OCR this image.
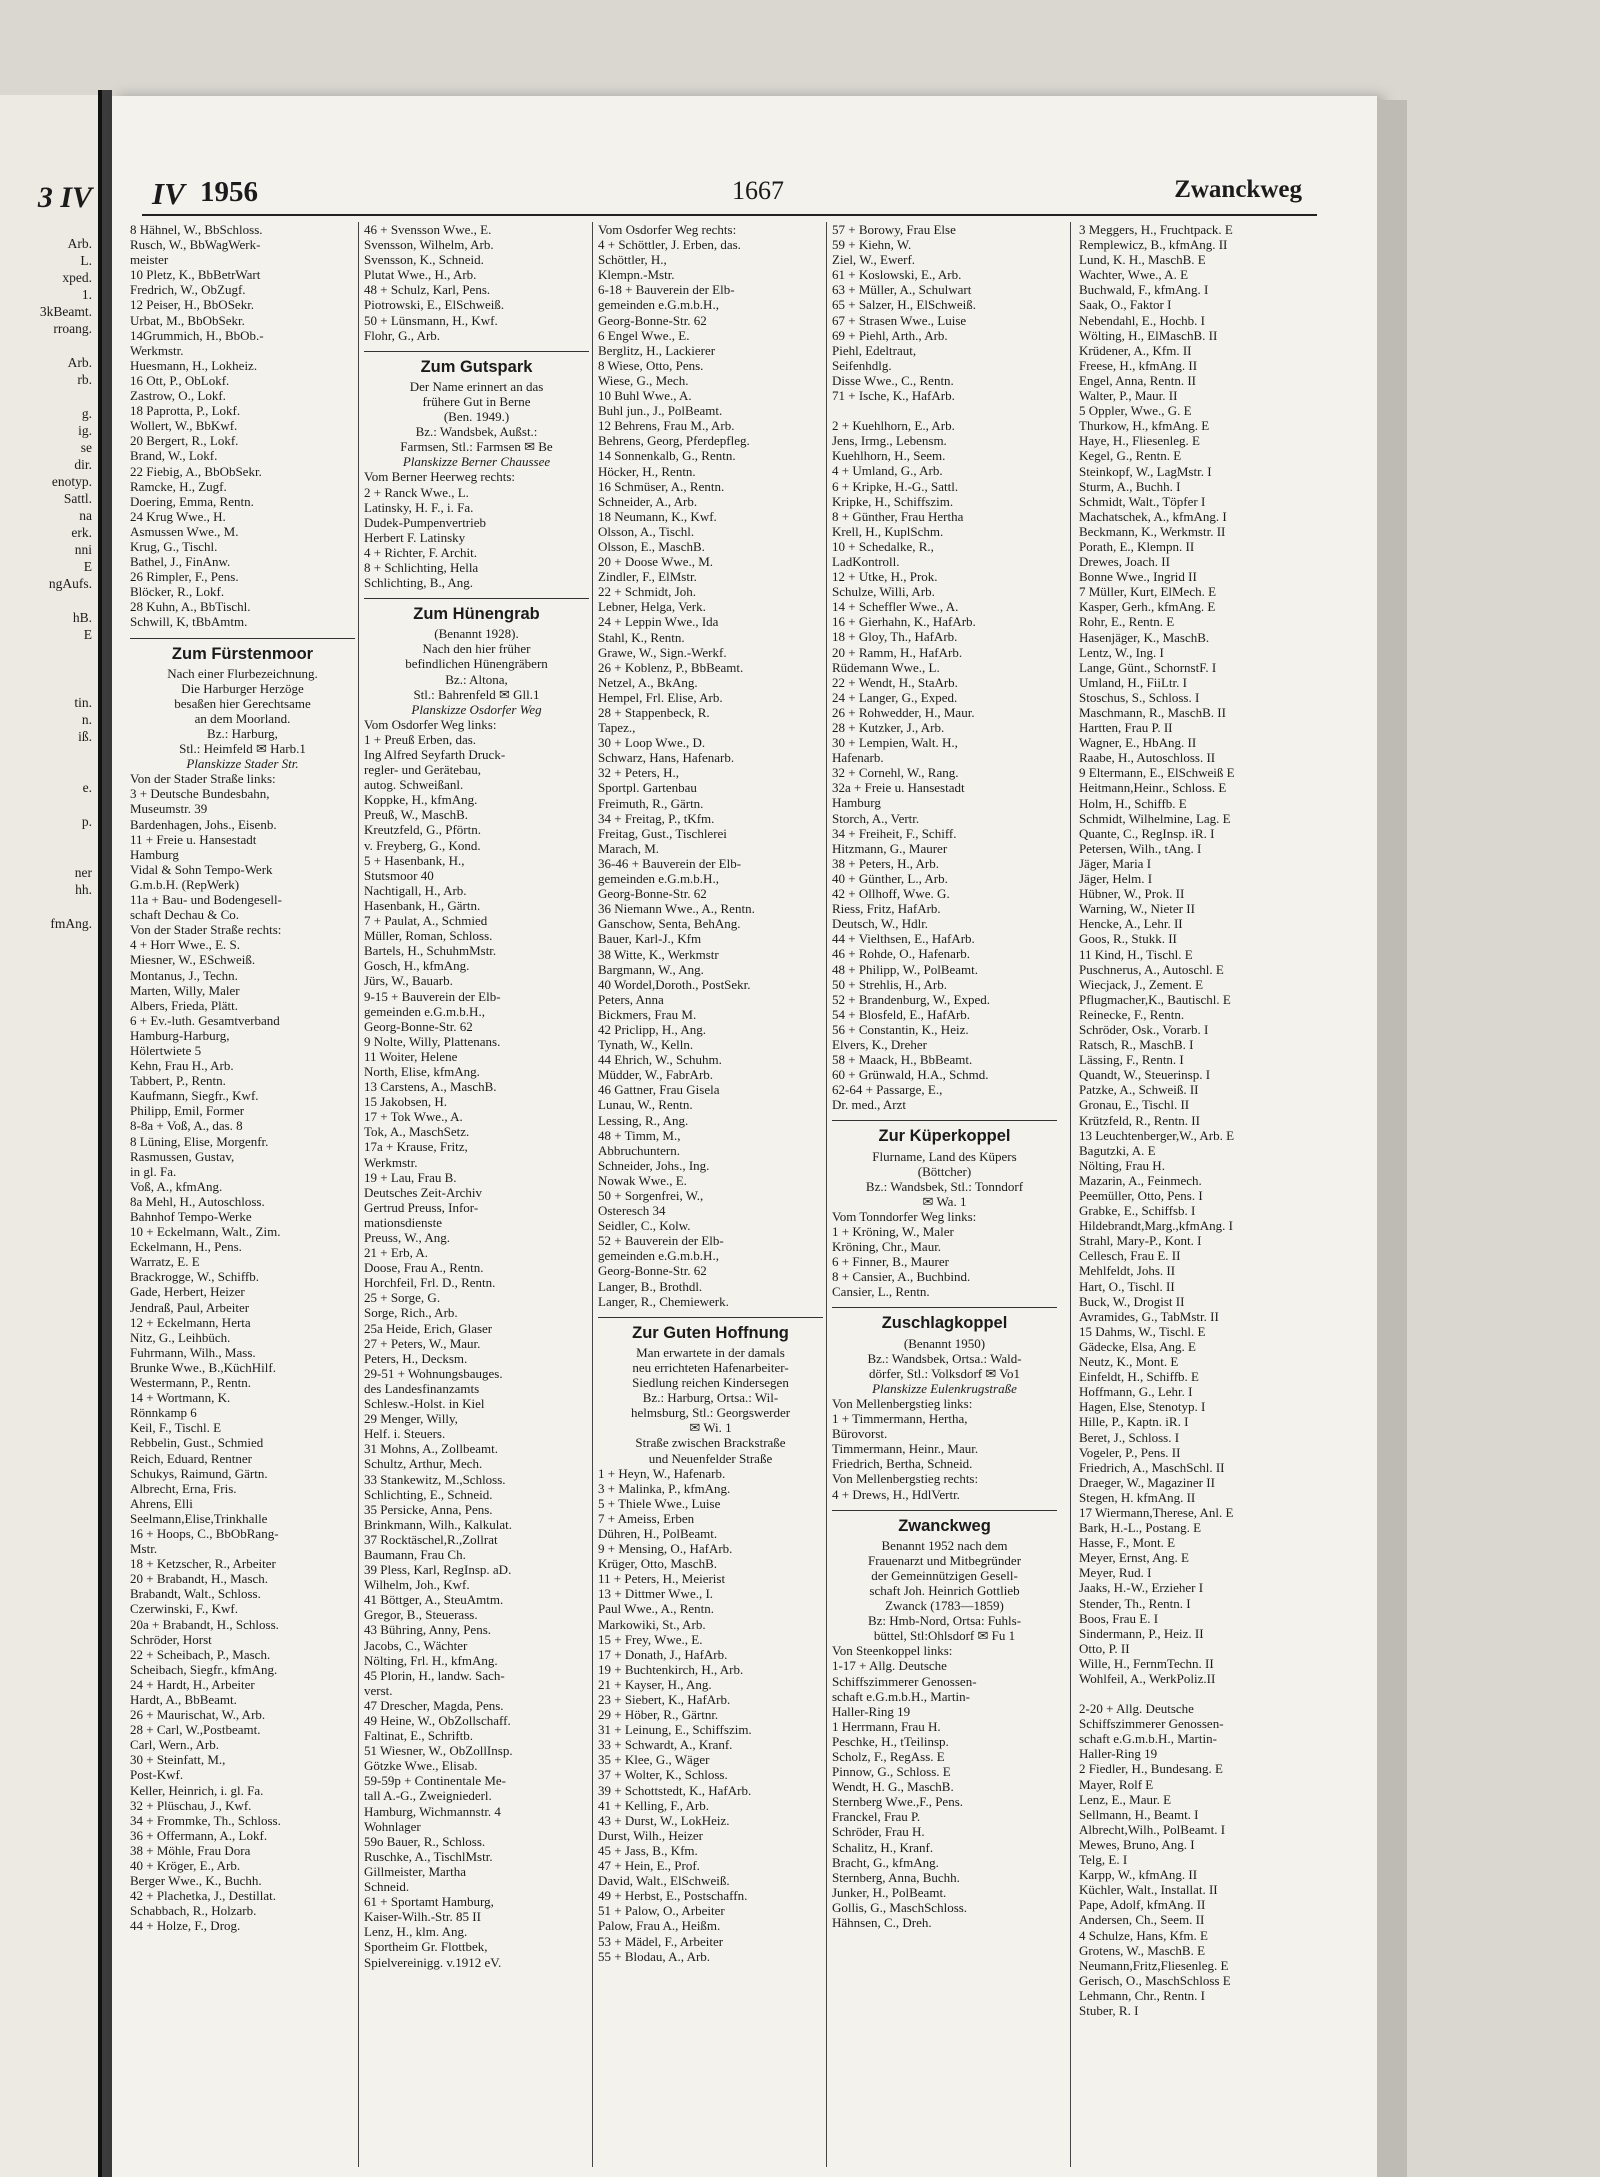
3 IV
Arb.
L.
xped.
1.
3kBeamt.
rroang.
Arb.
rb.
g.
ig.
se
dir.
enotyp.
Sattl.
na
erk.
nni
E
ngAufs.
hB.
E
tin.
n.
iß.
e.
p.
ner
hh.
fmAng.
IV 1956	1667	Zwanckweg
8 Hähnel, W., BbSchloss.
Rusch, W., BbWagWerk-
meister
10 Pletz, K., BbBetrWart
Fredrich, W., ObZugf.
12 Peiser, H., BbOSekr.
Urbat, M., BbObSekr.
14Grummich, H., BbOb.-
Werkmstr.
Huesmann, H., Lokheiz.
16 Ott, P., ObLokf.
Zastrow, O., Lokf.
18 Paprotta, P., Lokf.
Wollert, W., BbKwf.
20 Bergert, R., Lokf.
Brand, W., Lokf.
22 Fiebig, A., BbObSekr.
Ramcke, H., Zugf.
Doering, Emma, Rentn.
24 Krug Wwe., H.
Asmussen Wwe., M.
Krug, G., Tischl.
Bathel, J., FinAnw.
26 Rimpler, F., Pens.
Blöcker, R., Lokf.
28 Kuhn, A., BbTischl.
Schwill, K, tBbAmtm.
Zum Fürstenmoor
Nach einer Flurbezeichnung.
Die Harburger Herzöge
besaßen hier Gerechtsame
an dem Moorland.
Bz.: Harburg,
Stl.: Heimfeld ✉ Harb.1
Planskizze Stader Str.
Von der Stader Straße links:
3 + Deutsche Bundesbahn,
Museumstr. 39
Bardenhagen, Johs., Eisenb.
11 + Freie u. Hansestadt
Hamburg
Vidal & Sohn Tempo-Werk
G.m.b.H. (RepWerk)
11a + Bau- und Bodengesell-
schaft Dechau & Co.
Von der Stader Straße rechts:
4 + Horr Wwe., E. S.
Miesner, W., ESchweiß.
Montanus, J., Techn.
Marten, Willy, Maler
Albers, Frieda, Plätt.
6 + Ev.-luth. Gesamtverband
Hamburg-Harburg,
Hölertwiete 5
Kehn, Frau H., Arb.
Tabbert, P., Rentn.
Kaufmann, Siegfr., Kwf.
Philipp, Emil, Former
8-8a + Voß, A., das. 8
8 Lüning, Elise, Morgenfr.
Rasmussen, Gustav,
in gl. Fa.
Voß, A., kfmAng.
8a Mehl, H., Autoschloss.
Bahnhof Tempo-Werke
10 + Eckelmann, Walt., Zim.
Eckelmann, H., Pens.
Warratz, E. E
Brackrogge, W., Schiffb.
Gade, Herbert, Heizer
Jendraß, Paul, Arbeiter
12 + Eckelmann, Herta
Nitz, G., Leihbüch.
Fuhrmann, Wilh., Mass.
Brunke Wwe., B.,KüchHilf.
Westermann, P., Rentn.
14 + Wortmann, K.
Rönnkamp 6
Keil, F., Tischl. E
Rebbelin, Gust., Schmied
Reich, Eduard, Rentner
Schukys, Raimund, Gärtn.
Albrecht, Erna, Fris.
Ahrens, Elli
Seelmann,Elise,Trinkhalle
16 + Hoops, C., BbObRang-
Mstr.
18 + Ketzscher, R., Arbeiter
20 + Brabandt, H., Masch.
Brabandt, Walt., Schloss.
Czerwinski, F., Kwf.
20a + Brabandt, H., Schloss.
Schröder, Horst
22 + Scheibach, P., Masch.
Scheibach, Siegfr., kfmAng.
24 + Hardt, H., Arbeiter
Hardt, A., BbBeamt.
26 + Maurischat, W., Arb.
28 + Carl, W.,Postbeamt.
Carl, Wern., Arb.
30 + Steinfatt, M.,
Post-Kwf.
Keller, Heinrich, i. gl. Fa.
32 + Plüschau, J., Kwf.
34 + Frommke, Th., Schloss.
36 + Offermann, A., Lokf.
38 + Möhle, Frau Dora
40 + Kröger, E., Arb.
Berger Wwe., K., Buchh.
42 + Plachetka, J., Destillat.
Schabbach, R., Holzarb.
44 + Holze, F., Drog.
46 + Svensson Wwe., E.
Svensson, Wilhelm, Arb.
Svensson, K., Schneid.
Plutat Wwe., H., Arb.
48 + Schulz, Karl, Pens.
Piotrowski, E., ElSchweiß.
50 + Lünsmann, H., Kwf.
Flohr, G., Arb.
Zum Gutspark
Der Name erinnert an das
frühere Gut in Berne
(Ben. 1949.)
Bz.: Wandsbek, Außst.:
Farmsen, Stl.: Farmsen ✉ Be
Planskizze Berner Chaussee
Vom Berner Heerweg rechts:
2 + Ranck Wwe., L.
Latinsky, H. F., i. Fa.
Dudek-Pumpenvertrieb
Herbert F. Latinsky
4 + Richter, F. Archit.
8 + Schlichting, Hella
Schlichting, B., Ang.
Zum Hünengrab
(Benannt 1928).
Nach den hier früher
befindlichen Hünengräbern
Bz.: Altona,
Stl.: Bahrenfeld ✉ Gll.1
Planskizze Osdorfer Weg
Vom Osdorfer Weg links:
1 + Preuß Erben, das.
Ing Alfred Seyfarth Druck-
regler- und Gerätebau,
autog. Schweißanl.
Koppke, H., kfmAng.
Preuß, W., MaschB.
Kreutzfeld, G., Pförtn.
v. Freyberg, G., Kond.
5 + Hasenbank, H.,
Stutsmoor 40
Nachtigall, H., Arb.
Hasenbank, H., Gärtn.
7 + Paulat, A., Schmied
Müller, Roman, Schloss.
Bartels, H., SchuhmMstr.
Gosch, H., kfmAng.
Jürs, W., Bauarb.
9-15 + Bauverein der Elb-
gemeinden e.G.m.b.H.,
Georg-Bonne-Str. 62
9 Nolte, Willy, Plattenans.
11 Woiter, Helene
North, Elise, kfmAng.
13 Carstens, A., MaschB.
15 Jakobsen, H.
17 + Tok Wwe., A.
Tok, A., MaschSetz.
17a + Krause, Fritz,
Werkmstr.
19 + Lau, Frau B.
Deutsches Zeit-Archiv
Gertrud Preuss, Infor-
mationsdienste
Preuss, W., Ang.
21 + Erb, A.
Doose, Frau A., Rentn.
Horchfeil, Frl. D., Rentn.
25 + Sorge, G.
Sorge, Rich., Arb.
25a Heide, Erich, Glaser
27 + Peters, W., Maur.
Peters, H., Decksm.
29-51 + Wohnungsbauges.
des Landesfinanzamts
Schlesw.-Holst. in Kiel
29 Menger, Willy,
Helf. i. Steuers.
31 Mohns, A., Zollbeamt.
Schultz, Arthur, Mech.
33 Stankewitz, M.,Schloss.
Schlichting, E., Schneid.
35 Persicke, Anna, Pens.
Brinkmann, Wilh., Kalkulat.
37 Rocktäschel,R.,Zollrat
Baumann, Frau Ch.
39 Pless, Karl, RegInsp. aD.
Wilhelm, Joh., Kwf.
41 Böttger, A., SteuAmtm.
Gregor, B., Steuerass.
43 Bühring, Anny, Pens.
Jacobs, C., Wächter
Nölting, Frl. H., kfmAng.
45 Plorin, H., landw. Sach-
verst.
47 Drescher, Magda, Pens.
49 Heine, W., ObZollschaff.
Faltinat, E., Schriftb.
51 Wiesner, W., ObZollInsp.
Götzke Wwe., Elisab.
59-59p + Continentale Me-
tall A.-G., Zweigniederl.
Hamburg, Wichmannstr. 4
Wohnlager
59o Bauer, R., Schloss.
Ruschke, A., TischlMstr.
Gillmeister, Martha
Schneid.
61 + Sportamt Hamburg,
Kaiser-Wilh.-Str. 85 II
Lenz, H., klm. Ang.
Sportheim Gr. Flottbek,
Spielvereinigg. v.1912 eV.
Vom Osdorfer Weg rechts:
4 + Schöttler, J. Erben, das.
Schöttler, H.,
Klempn.-Mstr.
6-18 + Bauverein der Elb-
gemeinden e.G.m.b.H.,
Georg-Bonne-Str. 62
6 Engel Wwe., E.
Berglitz, H., Lackierer
8 Wiese, Otto, Pens.
Wiese, G., Mech.
10 Buhl Wwe., A.
Buhl jun., J., PolBeamt.
12 Behrens, Frau M., Arb.
Behrens, Georg, Pferdepfleg.
14 Sonnenkalb, G., Rentn.
Höcker, H., Rentn.
16 Schmüser, A., Rentn.
Schneider, A., Arb.
18 Neumann, K., Kwf.
Olsson, A., Tischl.
Olsson, E., MaschB.
20 + Doose Wwe., M.
Zindler, F., ElMstr.
22 + Schmidt, Joh.
Lebner, Helga, Verk.
24 + Leppin Wwe., Ida
Stahl, K., Rentn.
Grawe, W., Sign.-Werkf.
26 + Koblenz, P., BbBeamt.
Netzel, A., BkAng.
Hempel, Frl. Elise, Arb.
28 + Stappenbeck, R.
Tapez.,
30 + Loop Wwe., D.
Schwarz, Hans, Hafenarb.
32 + Peters, H.,
Sportpl. Gartenbau
Freimuth, R., Gärtn.
34 + Freitag, P., tKfm.
Freitag, Gust., Tischlerei
Marach, M.
36-46 + Bauverein der Elb-
gemeinden e.G.m.b.H.,
Georg-Bonne-Str. 62
36 Niemann Wwe., A., Rentn.
Ganschow, Senta, BehAng.
Bauer, Karl-J., Kfm
38 Witte, K., Werkmstr
Bargmann, W., Ang.
40 Wordel,Doroth., PostSekr.
Peters, Anna
Bickmers, Frau M.
42 Priclipp, H., Ang.
Tynath, W., Kelln.
44 Ehrich, W., Schuhm.
Müdder, W., FabrArb.
46 Gattner, Frau Gisela
Lunau, W., Rentn.
Lessing, R., Ang.
48 + Timm, M.,
Abbruchuntern.
Schneider, Johs., Ing.
Nowak Wwe., E.
50 + Sorgenfrei, W.,
Osteresch 34
Seidler, C., Kolw.
52 + Bauverein der Elb-
gemeinden e.G.m.b.H.,
Georg-Bonne-Str. 62
Langer, B., Brothdl.
Langer, R., Chemiewerk.
Zur Guten Hoffnung
Man erwartete in der damals
neu errichteten Hafenarbeiter-
Siedlung reichen Kindersegen
Bz.: Harburg, Ortsa.: Wil-
helmsburg, Stl.: Georgswerder
✉ Wi. 1
Straße zwischen Brackstraße
und Neuenfelder Straße
1 + Heyn, W., Hafenarb.
3 + Malinka, P., kfmAng.
5 + Thiele Wwe., Luise
7 + Ameiss, Erben
Dühren, H., PolBeamt.
9 + Mensing, O., HafArb.
Krüger, Otto, MaschB.
11 + Peters, H., Meierist
13 + Dittmer Wwe., I.
Paul Wwe., A., Rentn.
Markowiki, St., Arb.
15 + Frey, Wwe., E.
17 + Donath, J., HafArb.
19 + Buchtenkirch, H., Arb.
21 + Kayser, H., Ang.
23 + Siebert, K., HafArb.
29 + Höber, R., Gärtnr.
31 + Leinung, E., Schiffszim.
33 + Schwardt, A., Kranf.
35 + Klee, G., Wäger
37 + Wolter, K., Schloss.
39 + Schottstedt, K., HafArb.
41 + Kelling, F., Arb.
43 + Durst, W., LokHeiz.
Durst, Wilh., Heizer
45 + Jass, B., Kfm.
47 + Hein, E., Prof.
David, Walt., ElSchweiß.
49 + Herbst, E., Postschaffn.
51 + Palow, O., Arbeiter
Palow, Frau A., Heißm.
53 + Mädel, F., Arbeiter
55 + Blodau, A., Arb.
57 + Borowy, Frau Else
59 + Kiehn, W.
Ziel, W., Ewerf.
61 + Koslowski, E., Arb.
63 + Müller, A., Schulwart
65 + Salzer, H., ElSchweiß.
67 + Strasen Wwe., Luise
69 + Piehl, Arth., Arb.
Piehl, Edeltraut,
Seifenhdlg.
Disse Wwe., C., Rentn.
71 + Ische, K., HafArb.
2 + Kuehlhorn, E., Arb.
Jens, Irmg., Lebensm.
Kuehlhorn, H., Seem.
4 + Umland, G., Arb.
6 + Kripke, H.-G., Sattl.
Kripke, H., Schiffszim.
8 + Günther, Frau Hertha
Krell, H., KuplSchm.
10 + Schedalke, R.,
LadKontroll.
12 + Utke, H., Prok.
Schulze, Willi, Arb.
14 + Scheffler Wwe., A.
16 + Gierhahn, K., HafArb.
18 + Gloy, Th., HafArb.
20 + Ramm, H., HafArb.
Rüdemann Wwe., L.
22 + Wendt, H., StaArb.
24 + Langer, G., Exped.
26 + Rohwedder, H., Maur.
28 + Kutzker, J., Arb.
30 + Lempien, Walt. H.,
Hafenarb.
32 + Cornehl, W., Rang.
32a + Freie u. Hansestadt
Hamburg
Storch, A., Vertr.
34 + Freiheit, F., Schiff.
Hitzmann, G., Maurer
38 + Peters, H., Arb.
40 + Günther, L., Arb.
42 + Ollhoff, Wwe. G.
Riess, Fritz, HafArb.
Deutsch, W., Hdlr.
44 + Vielthsen, E., HafArb.
46 + Rohde, O., Hafenarb.
48 + Philipp, W., PolBeamt.
50 + Strehlis, H., Arb.
52 + Brandenburg, W., Exped.
54 + Blosfeld, E., HafArb.
56 + Constantin, K., Heiz.
Elvers, K., Dreher
58 + Maack, H., BbBeamt.
60 + Grünwald, H.A., Schmd.
62-64 + Passarge, E.,
Dr. med., Arzt
Zur Küperkoppel
Flurname, Land des Küpers
(Böttcher)
Bz.: Wandsbek, Stl.: Tonndorf
✉ Wa. 1
Vom Tonndorfer Weg links:
1 + Kröning, W., Maler
Kröning, Chr., Maur.
6 + Finner, B., Maurer
8 + Cansier, A., Buchbind.
Cansier, L., Rentn.
Zuschlagkoppel
(Benannt 1950)
Bz.: Wandsbek, Ortsa.: Wald-
dörfer, Stl.: Volksdorf ✉ Vo1
Planskizze Eulenkrugstraße
Von Mellenbergstieg links:
1 + Timmermann, Hertha,
Bürovorst.
Timmermann, Heinr., Maur.
Friedrich, Bertha, Schneid.
Von Mellenbergstieg rechts:
4 + Drews, H., HdlVertr.
Zwanckweg
Benannt 1952 nach dem
Frauenarzt und Mitbegründer
der Gemeinnützigen Gesell-
schaft Joh. Heinrich Gottlieb
Zwanck (1783—1859)
Bz: Hmb-Nord, Ortsa: Fuhls-
büttel, Stl:Ohlsdorf ✉ Fu 1
Von Steenkoppel links:
1-17 + Allg. Deutsche
Schiffszimmerer Genossen-
schaft e.G.m.b.H., Martin-
Haller-Ring 19
1 Herrmann, Frau H.
Peschke, H., tTeilinsp.
Scholz, F., RegAss. E
Pinnow, G., Schloss. E
Wendt, H. G., MaschB.
Sternberg Wwe.,F., Pens.
Franckel, Frau P.
Schröder, Frau H.
Schalitz, H., Kranf.
Bracht, G., kfmAng.
Sternberg, Anna, Buchh.
Junker, H., PolBeamt.
Gollis, G., MaschSchloss.
Hähnsen, C., Dreh.
3 Meggers, H., Fruchtpack. E
Remplewicz, B., kfmAng. II
Lund, K. H., MaschB. E
Wachter, Wwe., A. E
Buchwald, F., kfmAng. I
Saak, O., Faktor I
Nebendahl, E., Hochb. I
Wölting, H., ElMaschB. II
Krüdener, A., Kfm. II
Freese, H., kfmAng. II
Engel, Anna, Rentn. II
Walter, P., Maur. II
5 Oppler, Wwe., G. E
Thurkow, H., kfmAng. E
Haye, H., Fliesenleg. E
Kegel, G., Rentn. E
Steinkopf, W., LagMstr. I
Sturm, A., Buchh. I
Schmidt, Walt., Töpfer I
Machatschek, A., kfmAng. I
Beckmann, K., Werkmstr. II
Porath, E., Klempn. II
Drewes, Joach. II
Bonne Wwe., Ingrid II
7 Müller, Kurt, ElMech. E
Kasper, Gerh., kfmAng. E
Rohr, E., Rentn. E
Hasenjäger, K., MaschB.
Lentz, W., Ing. I
Lange, Günt., SchornstF. I
Umland, H., FiiLtr. I
Stoschus, S., Schloss. I
Maschmann, R., MaschB. II
Hartten, Frau P. II
Wagner, E., HbAng. II
Raabe, H., Autoschloss. II
9 Eltermann, E., ElSchweiß E
Heitmann,Heinr., Schloss. E
Holm, H., Schiffb. E
Schmidt, Wilhelmine, Lag. E
Quante, C., RegInsp. iR. I
Petersen, Wilh., tAng. I
Jäger, Maria I
Jäger, Helm. I
Hübner, W., Prok. II
Warning, W., Nieter II
Hencke, A., Lehr. II
Goos, R., Stukk. II
11 Kind, H., Tischl. E
Puschnerus, A., Autoschl. E
Wiecjack, J., Zement. E
Pflugmacher,K., Bautischl. E
Reinecke, F., Rentn.
Schröder, Osk., Vorarb. I
Ratsch, R., MaschB. I
Lässing, F., Rentn. I
Quandt, W., Steuerinsp. I
Patzke, A., Schweiß. II
Gronau, E., Tischl. II
Krützfeld, R., Rentn. II
13 Leuchtenberger,W., Arb. E
Bagutzki, A. E
Nölting, Frau H.
Mazarin, A., Feinmech.
Peemüller, Otto, Pens. I
Grabke, E., Schiffsb. I
Hildebrandt,Marg.,kfmAng. I
Strahl, Mary-P., Kont. I
Cellesch, Frau E. II
Mehlfeldt, Johs. II
Hart, O., Tischl. II
Buck, W., Drogist II
Avramides, G., TabMstr. II
15 Dahms, W., Tischl. E
Gädecke, Elsa, Ang. E
Neutz, K., Mont. E
Einfeldt, H., Schiffb. E
Hoffmann, G., Lehr. I
Hagen, Else, Stenotyp. I
Hille, P., Kaptn. iR. I
Beret, J., Schloss. I
Vogeler, P., Pens. II
Friedrich, A., MaschSchl. II
Draeger, W., Magaziner II
Stegen, H. kfmAng. II
17 Wiermann,Therese, Anl. E
Bark, H.-L., Postang. E
Hasse, F., Mont. E
Meyer, Ernst, Ang. E
Meyer, Rud. I
Jaaks, H.-W., Erzieher I
Stender, Th., Rentn. I
Boos, Frau E. I
Sindermann, P., Heiz. II
Otto, P. II
Wille, H., FernmTechn. II
Wohlfeil, A., WerkPoliz.II
2-20 + Allg. Deutsche
Schiffszimmerer Genossen-
schaft e.G.m.b.H., Martin-
Haller-Ring 19
2 Fiedler, H., Bundesang. E
Mayer, Rolf E
Lenz, E., Maur. E
Sellmann, H., Beamt. I
Albrecht,Wilh., PolBeamt. I
Mewes, Bruno, Ang. I
Telg, E. I
Karpp, W., kfmAng. II
Küchler, Walt., Installat. II
Pape, Adolf, kfmAng. II
Andersen, Ch., Seem. II
4 Schulze, Hans, Kfm. E
Grotens, W., MaschB. E
Neumann,Fritz,Fliesenleg. E
Gerisch, O., MaschSchloss E
Lehmann, Chr., Rentn. I
Stuber, R. I
